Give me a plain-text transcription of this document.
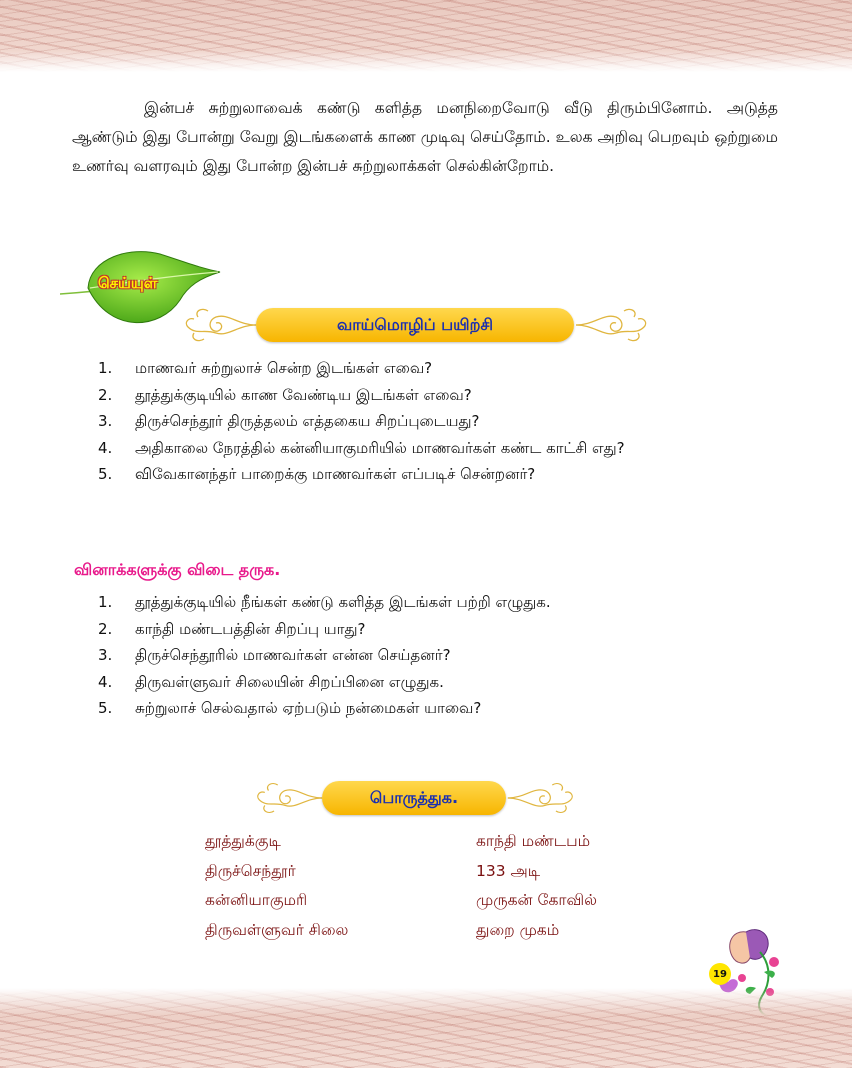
இன்பச் சுற்றுலாவைக் கண்டு களித்த மனநிறைவோடு வீடு திரும்பினோம். அடுத்த ஆண்டும் இது போன்று வேறு இடங்களைக் காண முடிவு செய்தோம். உலக அறிவு பெறவும் ஒற்றுமை உணர்வு வளரவும் இது போன்ற இன்பச் சுற்றுலாக்கள் செல்கின்றோம்.

செய்யுள்
வாய்மொழிப் பயிற்சி
1.	மாணவர் சுற்றுலாச் சென்ற இடங்கள் எவை?
2.	தூத்துக்குடியில் காண வேண்டிய இடங்கள் எவை?
3.	திருச்செந்தூர் திருத்தலம் எத்தகைய சிறப்புடையது?
4.	அதிகாலை நேரத்தில் கன்னியாகுமரியில் மாணவர்கள் கண்ட காட்சி எது?
5.	விவேகானந்தர் பாறைக்கு மாணவர்கள் எப்படிச் சென்றனர்?
வினாக்களுக்கு விடை தருக.
1.	தூத்துக்குடியில் நீங்கள் கண்டு களித்த இடங்கள் பற்றி எழுதுக.
2.	காந்தி மண்டபத்தின் சிறப்பு யாது?
3.	திருச்செந்தூரில் மாணவர்கள் என்ன செய்தனர்?
4.	திருவள்ளுவர் சிலையின் சிறப்பினை எழுதுக.
5.	சுற்றுலாச் செல்வதால் ஏற்படும் நன்மைகள் யாவை?
பொருத்துக.
தூத்துக்குடி
திருச்செந்தூர்
கன்னியாகுமரி
திருவள்ளுவர் சிலை
காந்தி மண்டபம்
133 அடி
முருகன் கோவில்
துறை முகம்
19
